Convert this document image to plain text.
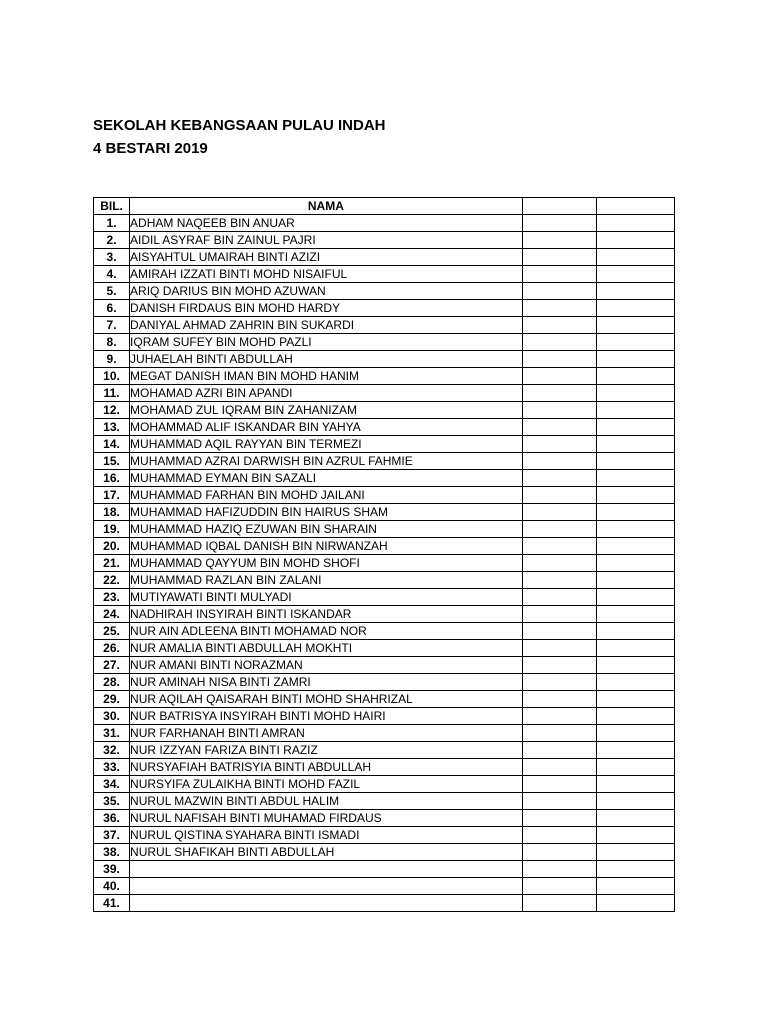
SEKOLAH KEBANGSAAN PULAU INDAH
4 BESTARI 2019
BIL.	NAMA		
1.	ADHAM NAQEEB BIN ANUAR		
2.	AIDIL ASYRAF BIN ZAINUL PAJRI		
3.	AISYAHTUL UMAIRAH BINTI AZIZI		
4.	AMIRAH IZZATI BINTI MOHD NISAIFUL		
5.	ARIQ DARIUS BIN MOHD AZUWAN		
6.	DANISH FIRDAUS BIN MOHD HARDY		
7.	DANIYAL AHMAD ZAHRIN BIN SUKARDI		
8.	IQRAM SUFEY BIN MOHD PAZLI		
9.	JUHAELAH BINTI ABDULLAH		
10.	MEGAT DANISH IMAN BIN MOHD HANIM		
11.	MOHAMAD AZRI BIN APANDI		
12.	MOHAMAD ZUL IQRAM BIN ZAHANIZAM		
13.	MOHAMMAD ALIF ISKANDAR BIN YAHYA		
14.	MUHAMMAD AQIL RAYYAN BIN TERMEZI		
15.	MUHAMMAD AZRAI DARWISH BIN AZRUL FAHMIE		
16.	MUHAMMAD EYMAN BIN SAZALI		
17.	MUHAMMAD FARHAN BIN MOHD JAILANI		
18.	MUHAMMAD HAFIZUDDIN BIN HAIRUS SHAM		
19.	MUHAMMAD HAZIQ EZUWAN BIN SHARAIN		
20.	MUHAMMAD IQBAL DANISH BIN NIRWANZAH		
21.	MUHAMMAD QAYYUM BIN MOHD SHOFI		
22.	MUHAMMAD RAZLAN BIN ZALANI		
23.	MUTIYAWATI BINTI MULYADI		
24.	NADHIRAH INSYIRAH BINTI ISKANDAR		
25.	NUR AIN ADLEENA BINTI MOHAMAD NOR		
26.	NUR AMALIA BINTI ABDULLAH MOKHTI		
27.	NUR AMANI BINTI NORAZMAN		
28.	NUR AMINAH NISA BINTI ZAMRI		
29.	NUR AQILAH QAISARAH BINTI MOHD SHAHRIZAL		
30.	NUR BATRISYA INSYIRAH BINTI MOHD HAIRI		
31.	NUR FARHANAH BINTI AMRAN		
32.	NUR IZZYAN FARIZA BINTI RAZIZ		
33.	NURSYAFIAH BATRISYIA BINTI ABDULLAH		
34.	NURSYIFA ZULAIKHA BINTI MOHD FAZIL		
35.	NURUL MAZWIN BINTI ABDUL HALIM		
36.	NURUL NAFISAH BINTI MUHAMAD FIRDAUS		
37.	NURUL QISTINA SYAHARA BINTI ISMADI		
38.	NURUL SHAFIKAH BINTI ABDULLAH		
39.			
40.			
41.			
